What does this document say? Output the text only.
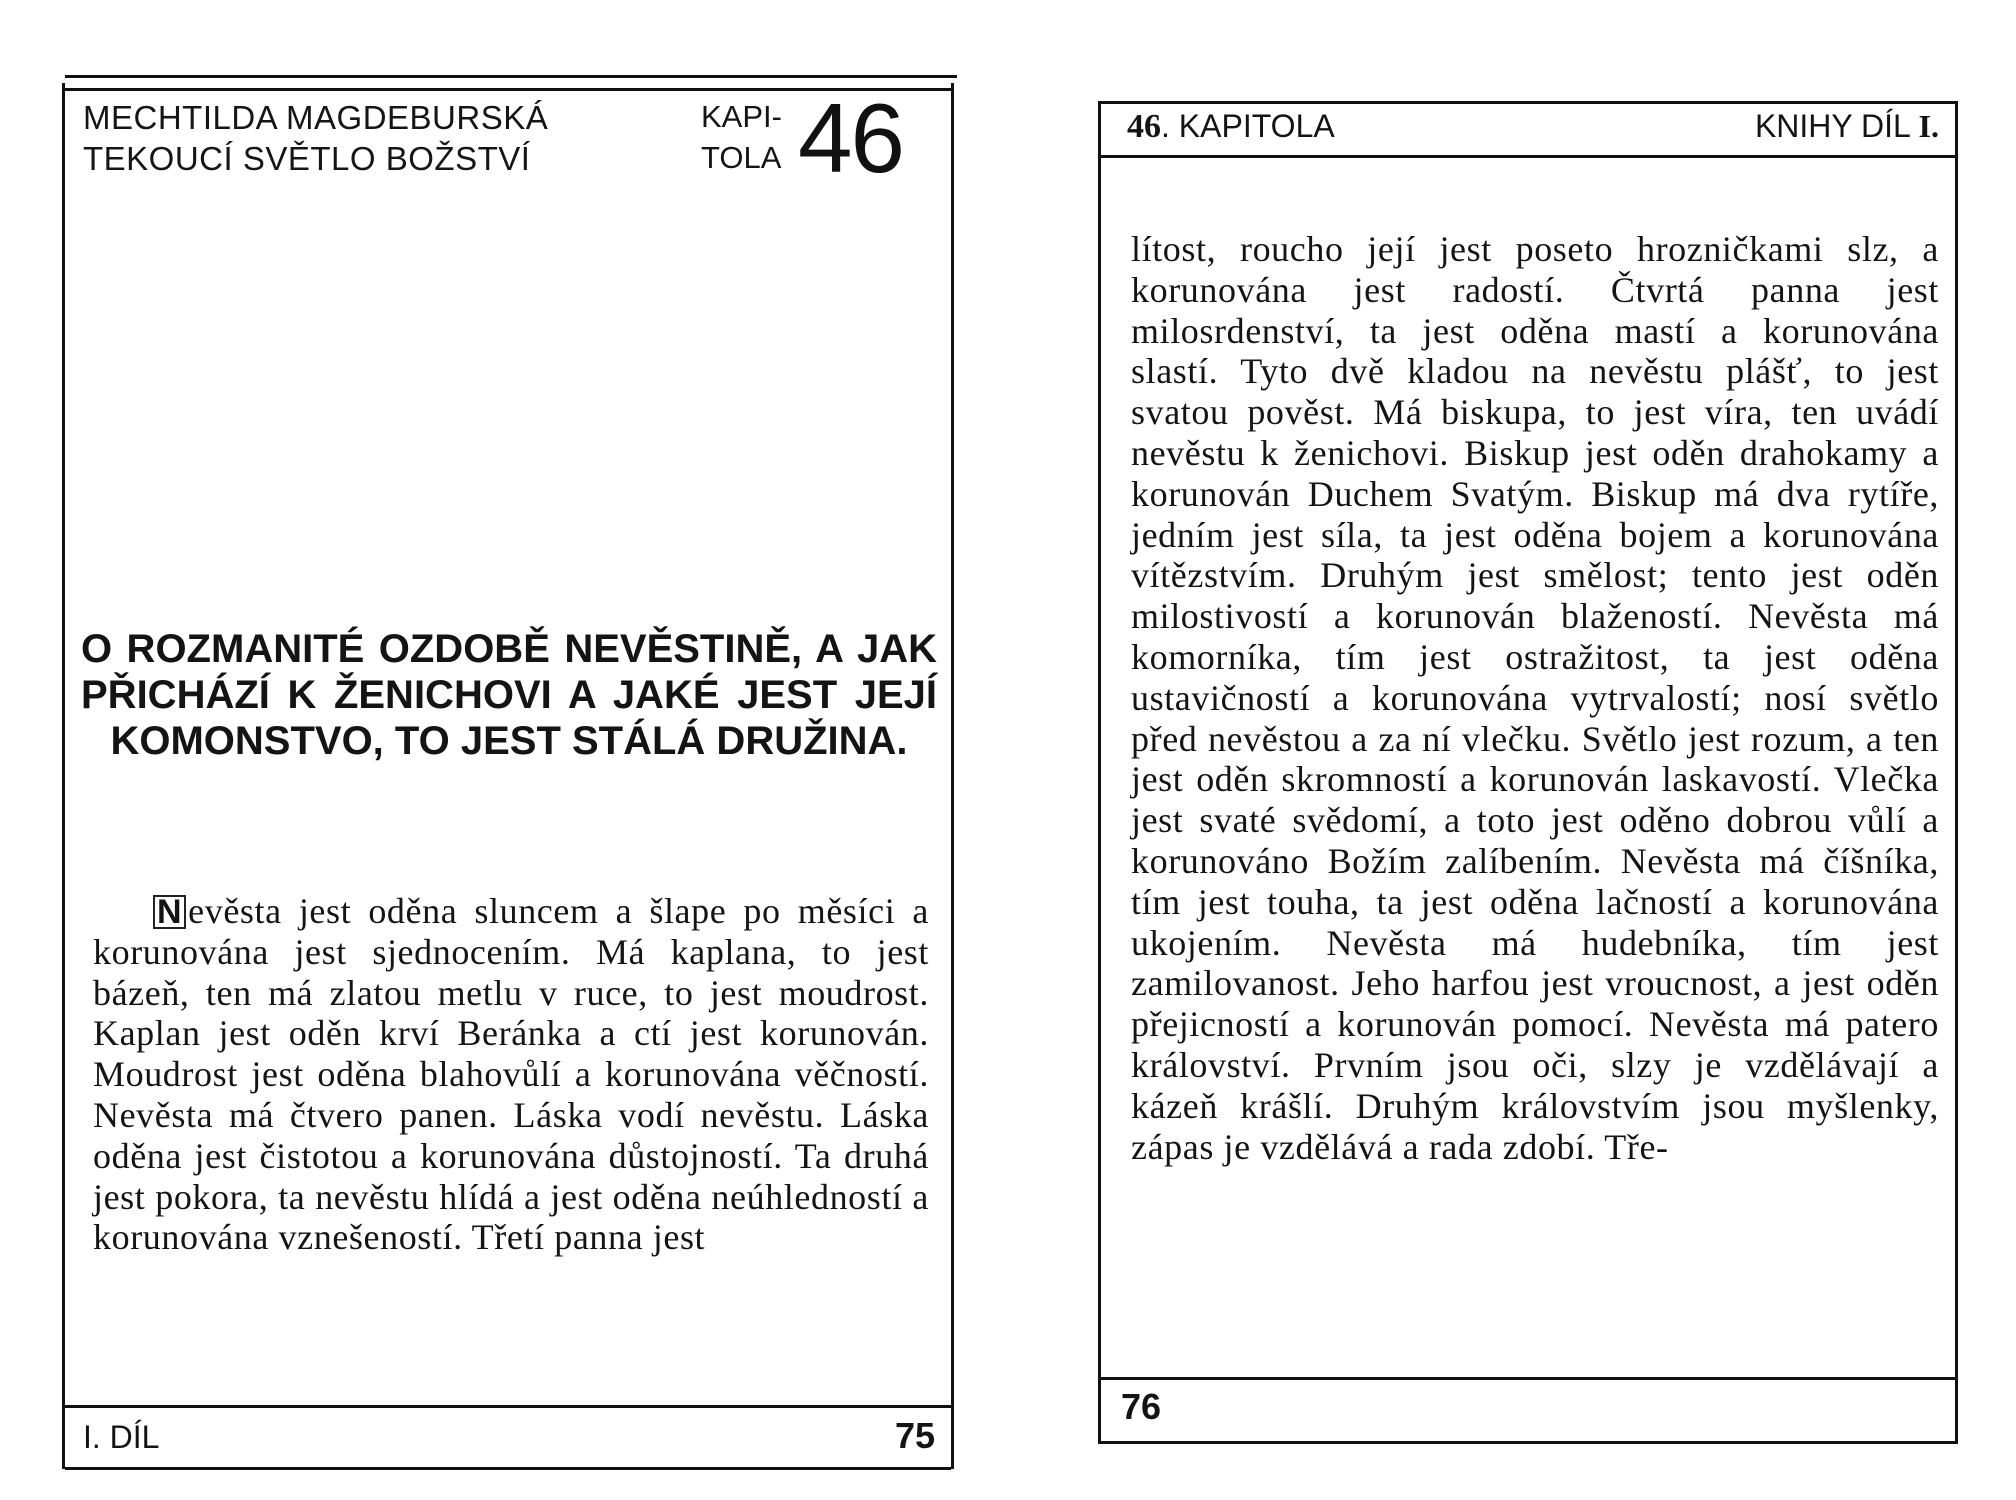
MECHTILDA MAGDEBURSKÁ
TEKOUCÍ SVĚTLO BOŽSTVÍ
KAPI-
TOLA 46
O ROZMANITÉ OZDOBĚ NEVĚSTINĚ, A JAK PŘICHÁZÍ K ŽENICHOVI A JAKÉ JEST JEJÍ KOMONSTVO, TO JEST STÁLÁ DRUŽINA.

N evěsta jest oděna sluncem a šlape po měsíci a korunována jest sjednocením. Má kaplana, to jest bázeň, ten má zlatou metlu v ruce, to jest moudrost. Kaplan jest oděn krví Beránka a ctí jest korunován. Moudrost jest oděna blahovůlí a korunována věčností. Nevěsta má čtvero panen. Láska vodí nevěstu. Láska oděna jest čistotou a korunována důstojností. Ta druhá jest pokora, ta nevěstu hlídá a jest oděna neúhledností a korunována vznešeností. Třetí panna jest

I. DÍL	75
46. KAPITOLA	KNIHY DÍL I.

lítost, roucho její jest poseto hrozničkami slz, a korunována jest radostí. Čtvrtá panna jest milosrdenství, ta jest oděna mastí a korunována slastí. Tyto dvě kladou na nevěstu plášť, to jest svatou pověst. Má biskupa, to jest víra, ten uvádí nevěstu k ženichovi. Biskup jest oděn drahokamy a korunován Duchem Svatým. Biskup má dva rytíře, jedním jest síla, ta jest oděna bojem a korunována vítězstvím. Druhým jest smělost; tento jest oděn milostivostí a korunován blažeností. Nevěsta má komorníka, tím jest ostražitost, ta jest oděna ustavičností a korunována vytrvalostí; nosí světlo před nevěstou a za ní vlečku. Světlo jest rozum, a ten jest oděn skromností a korunován laskavostí. Vlečka jest svaté svědomí, a toto jest oděno dobrou vůlí a korunováno Božím zalíbením. Nevěsta má číšníka, tím jest touha, ta jest oděna lačností a korunována ukojením. Nevěsta má hudebníka, tím jest zamilovanost. Jeho harfou jest vroucnost, a jest oděn přejicností a korunován pomocí. Nevěsta má patero království. Prvním jsou oči, slzy je vzdělávají a kázeň krášlí. Druhým královstvím jsou myšlenky, zápas je vzdělává a rada zdobí. Tře-

76
